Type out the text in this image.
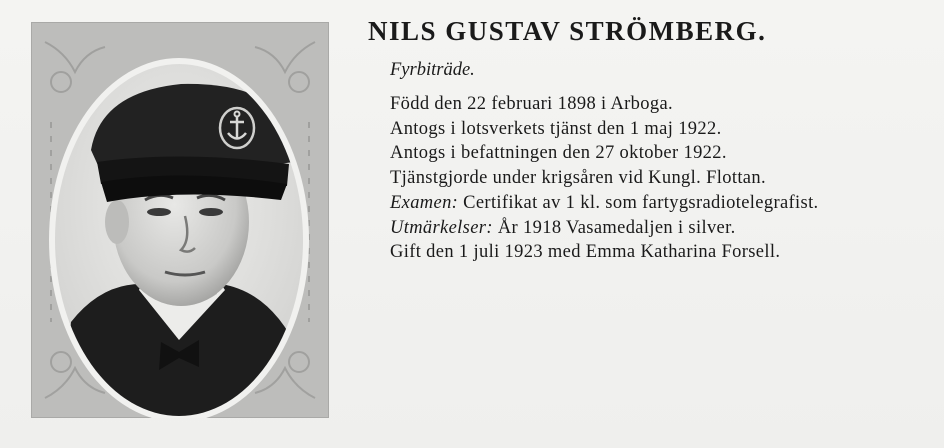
NILS GUSTAV STRÖMBERG.

Fyrbiträde.

Född den 22 februari 1898 i Arboga.
Antogs i lotsverkets tjänst den 1 maj 1922.
Antogs i befattningen den 27 oktober 1922.
Tjänstgjorde under krigsåren vid Kungl. Flottan.
Examen: Certifikat av 1 kl. som fartygsradiotelegrafist.
Utmärkelser: År 1918 Vasamedaljen i silver.
Gift den 1 juli 1923 med Emma Katharina Forsell.
